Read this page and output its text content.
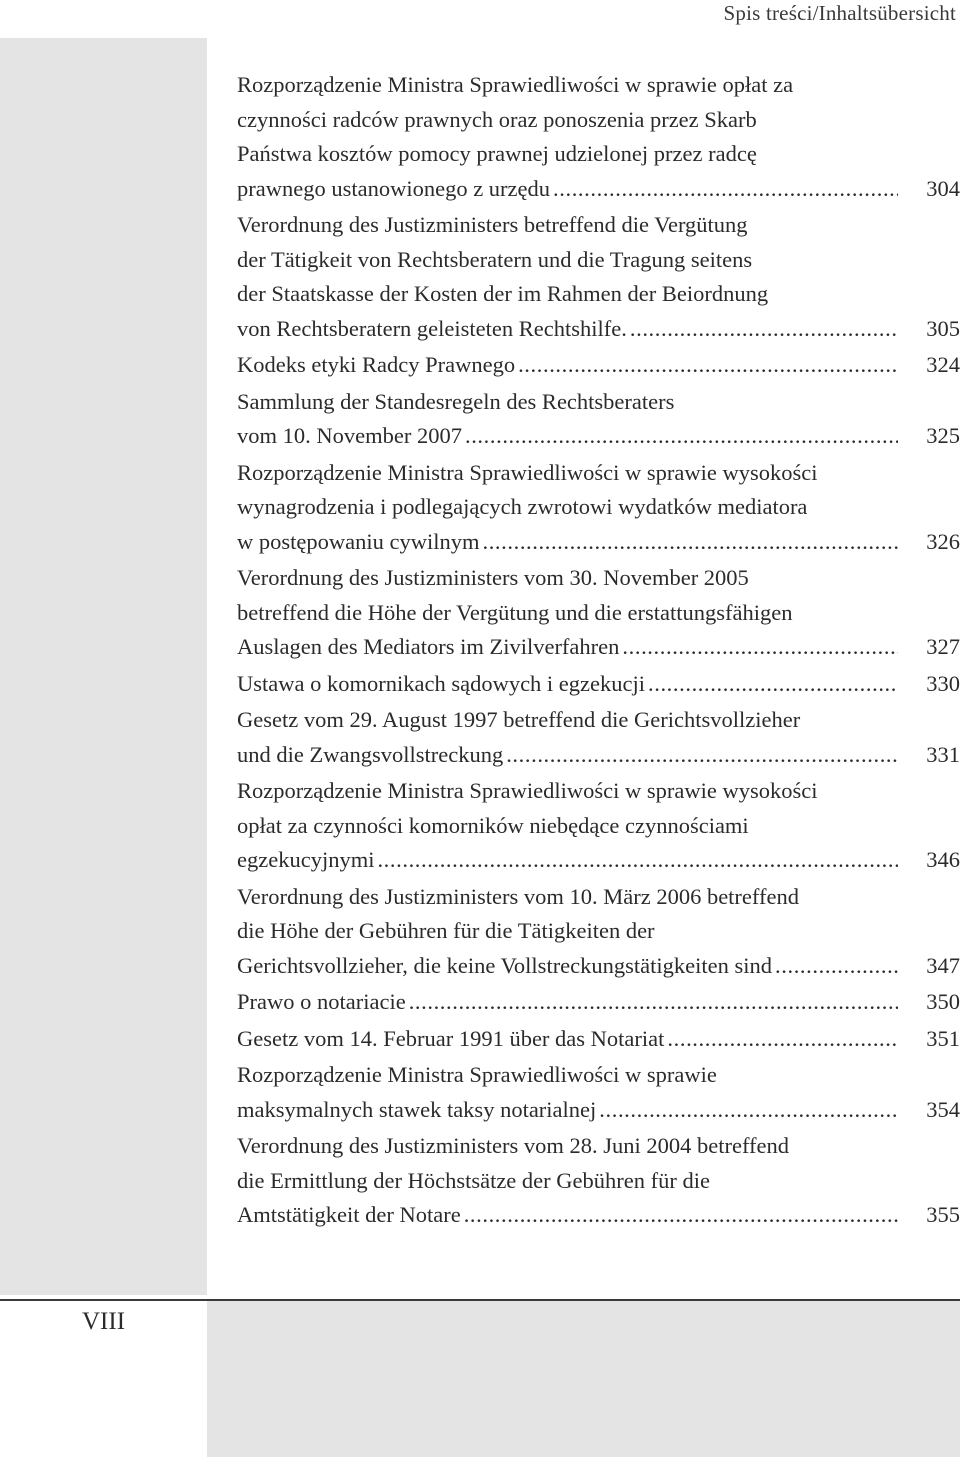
Spis treści/Inhaltsübersicht
VIII
Rozporządzenie Ministra Sprawiedliwości w sprawie opłat za
czynności radców prawnych oraz ponoszenia przez Skarb
Państwa kosztów pomocy prawnej udzielonej przez radcę
prawnego ustanowionego z urzędu .....	304
Verordnung des Justizministers betreffend die Vergütung
der Tätigkeit von Rechtsberatern und die Tragung seitens
der Staatskasse der Kosten der im Rahmen der Beiordnung
von Rechtsberatern geleisteten Rechtshilfe. .....	305
Kodeks etyki Radcy Prawnego .....	324
Sammlung der Standesregeln des Rechtsberaters
vom 10. November 2007 .....	325
Rozporządzenie Ministra Sprawiedliwości w sprawie wysokości
wynagrodzenia i podlegających zwrotowi wydatków mediatora
w postępowaniu cywilnym .....	326
Verordnung des Justizministers vom 30. November 2005
betreffend die Höhe der Vergütung und die erstattungsfähigen
Auslagen des Mediators im Zivilverfahren .....	327
Ustawa o komornikach sądowych i egzekucji .....	330
Gesetz vom 29. August 1997 betreffend die Gerichtsvollzieher
und die Zwangsvollstreckung .....	331
Rozporządzenie Ministra Sprawiedliwości w sprawie wysokości
opłat za czynności komorników niebędące czynnościami
egzekucyjnymi .....	346
Verordnung des Justizministers vom 10. März 2006 betreffend
die Höhe der Gebühren für die Tätigkeiten der
Gerichtsvollzieher, die keine Vollstreckungstätigkeiten sind .....	347
Prawo o notariacie .....	350
Gesetz vom 14. Februar 1991 über das Notariat .....	351
Rozporządzenie Ministra Sprawiedliwości w sprawie
maksymalnych stawek taksy notarialnej .....	354
Verordnung des Justizministers vom 28. Juni 2004 betreffend
die Ermittlung der Höchstsätze der Gebühren für die
Amtstätigkeit der Notare .....	355
